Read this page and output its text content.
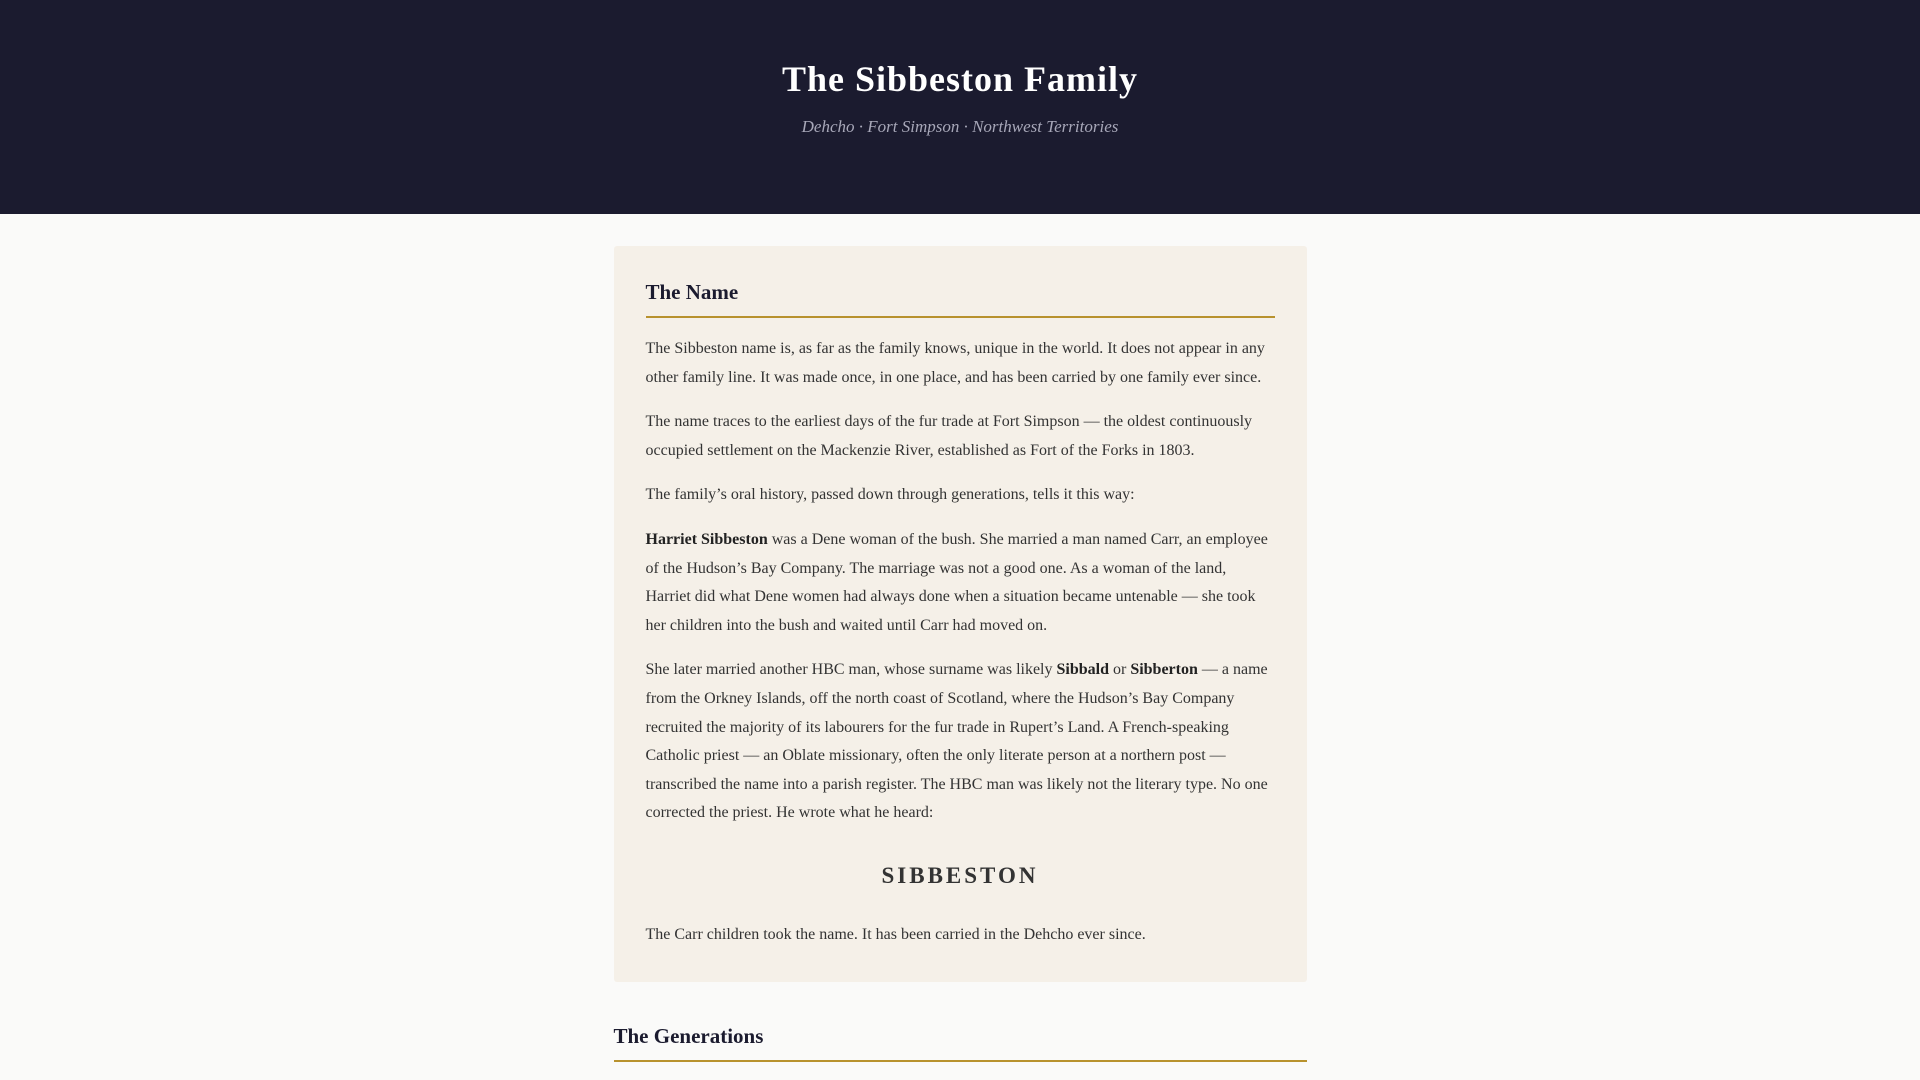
The Sibbeston Family

Dehcho · Fort Simpson · Northwest Territories

The Name

The Sibbeston name is, as far as the family knows, unique in the world. It does not appear in any other family line. It was made once, in one place, and has been carried by one family ever since.

The name traces to the earliest days of the fur trade at Fort Simpson — the oldest continuously occupied settlement on the Mackenzie River, established as Fort of the Forks in 1803.

The family’s oral history, passed down through generations, tells it this way:

Harriet Sibbeston was a Dene woman of the bush. She married a man named Carr, an employee of the Hudson’s Bay Company. The marriage was not a good one. As a woman of the land, Harriet did what Dene women had always done when a situation became untenable — she took her children into the bush and waited until Carr had moved on.

She later married another HBC man, whose surname was likely Sibbald or Sibberton — a name from the Orkney Islands, off the north coast of Scotland, where the Hudson’s Bay Company recruited the majority of its labourers for the fur trade in Rupert’s Land. A French-speaking Catholic priest — an Oblate missionary, often the only literate person at a northern post — transcribed the name into a parish register. The HBC man was likely not the literary type. No one corrected the priest. He wrote what he heard:

SIBBESTON

The Carr children took the name. It has been carried in the Dehcho ever since.

The Generations
